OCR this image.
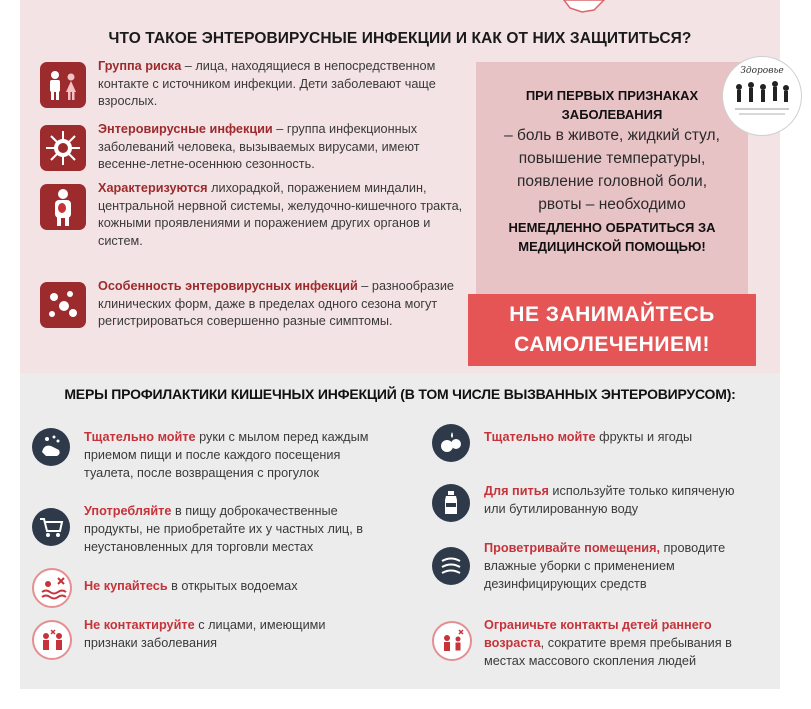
ЧТО ТАКОЕ ЭНТЕРОВИРУСНЫЕ ИНФЕКЦИИ И КАК ОТ НИХ ЗАЩИТИТЬСЯ?
Группа риска – лица, находящиеся в непосредственном контакте с источником инфекции. Дети заболевают чаще взрослых.
Энтеровирусные инфекции – группа инфекционных заболеваний человека, вызываемых вирусами, имеют весенне-летне-осеннюю сезонность.
Характеризуются лихорадкой, поражением миндалин, центральной нервной системы, желудочно-кишечного тракта, кожными проявлениями и поражением других органов и систем.
Особенность энтеровирусных инфекций – разнообразие клинических форм, даже в пределах одного сезона могут регистрироваться совершенно разные симптомы.
ПРИ ПЕРВЫХ ПРИЗНАКАХ
ЗАБОЛЕВАНИЯ
– боль в животе, жидкий стул,
повышение температуры,
появление головной боли,
рвоты – необходимо
НЕМЕДЛЕННО ОБРАТИТЬСЯ ЗА
МЕДИЦИНСКОЙ ПОМОЩЬЮ!
Здоровье
НЕ ЗАНИМАЙТЕСЬ
САМОЛЕЧЕНИЕМ!
МЕРЫ ПРОФИЛАКТИКИ КИШЕЧНЫХ ИНФЕКЦИЙ (В ТОМ ЧИСЛЕ ВЫЗВАННЫХ ЭНТЕРОВИРУСОМ):
Тщательно мойте руки с мылом перед каждым
приемом пищи и после каждого посещения
туалета, после возвращения с прогулок
Употребляйте в пищу доброкачественные
продукты, не приобретайте их у частных лиц, в
неустановленных для торговли местах
Не купайтесь в открытых водоемах
Не контактируйте с лицами, имеющими
признаки заболевания
Тщательно мойте фрукты и ягоды
Для питья используйте только кипяченую
или бутилированную воду
Проветривайте помещения, проводите
влажные уборки с применением
дезинфицирующих средств
Ограничьте контакты детей раннего
возраста, сократите время пребывания в
местах массового скопления людей
